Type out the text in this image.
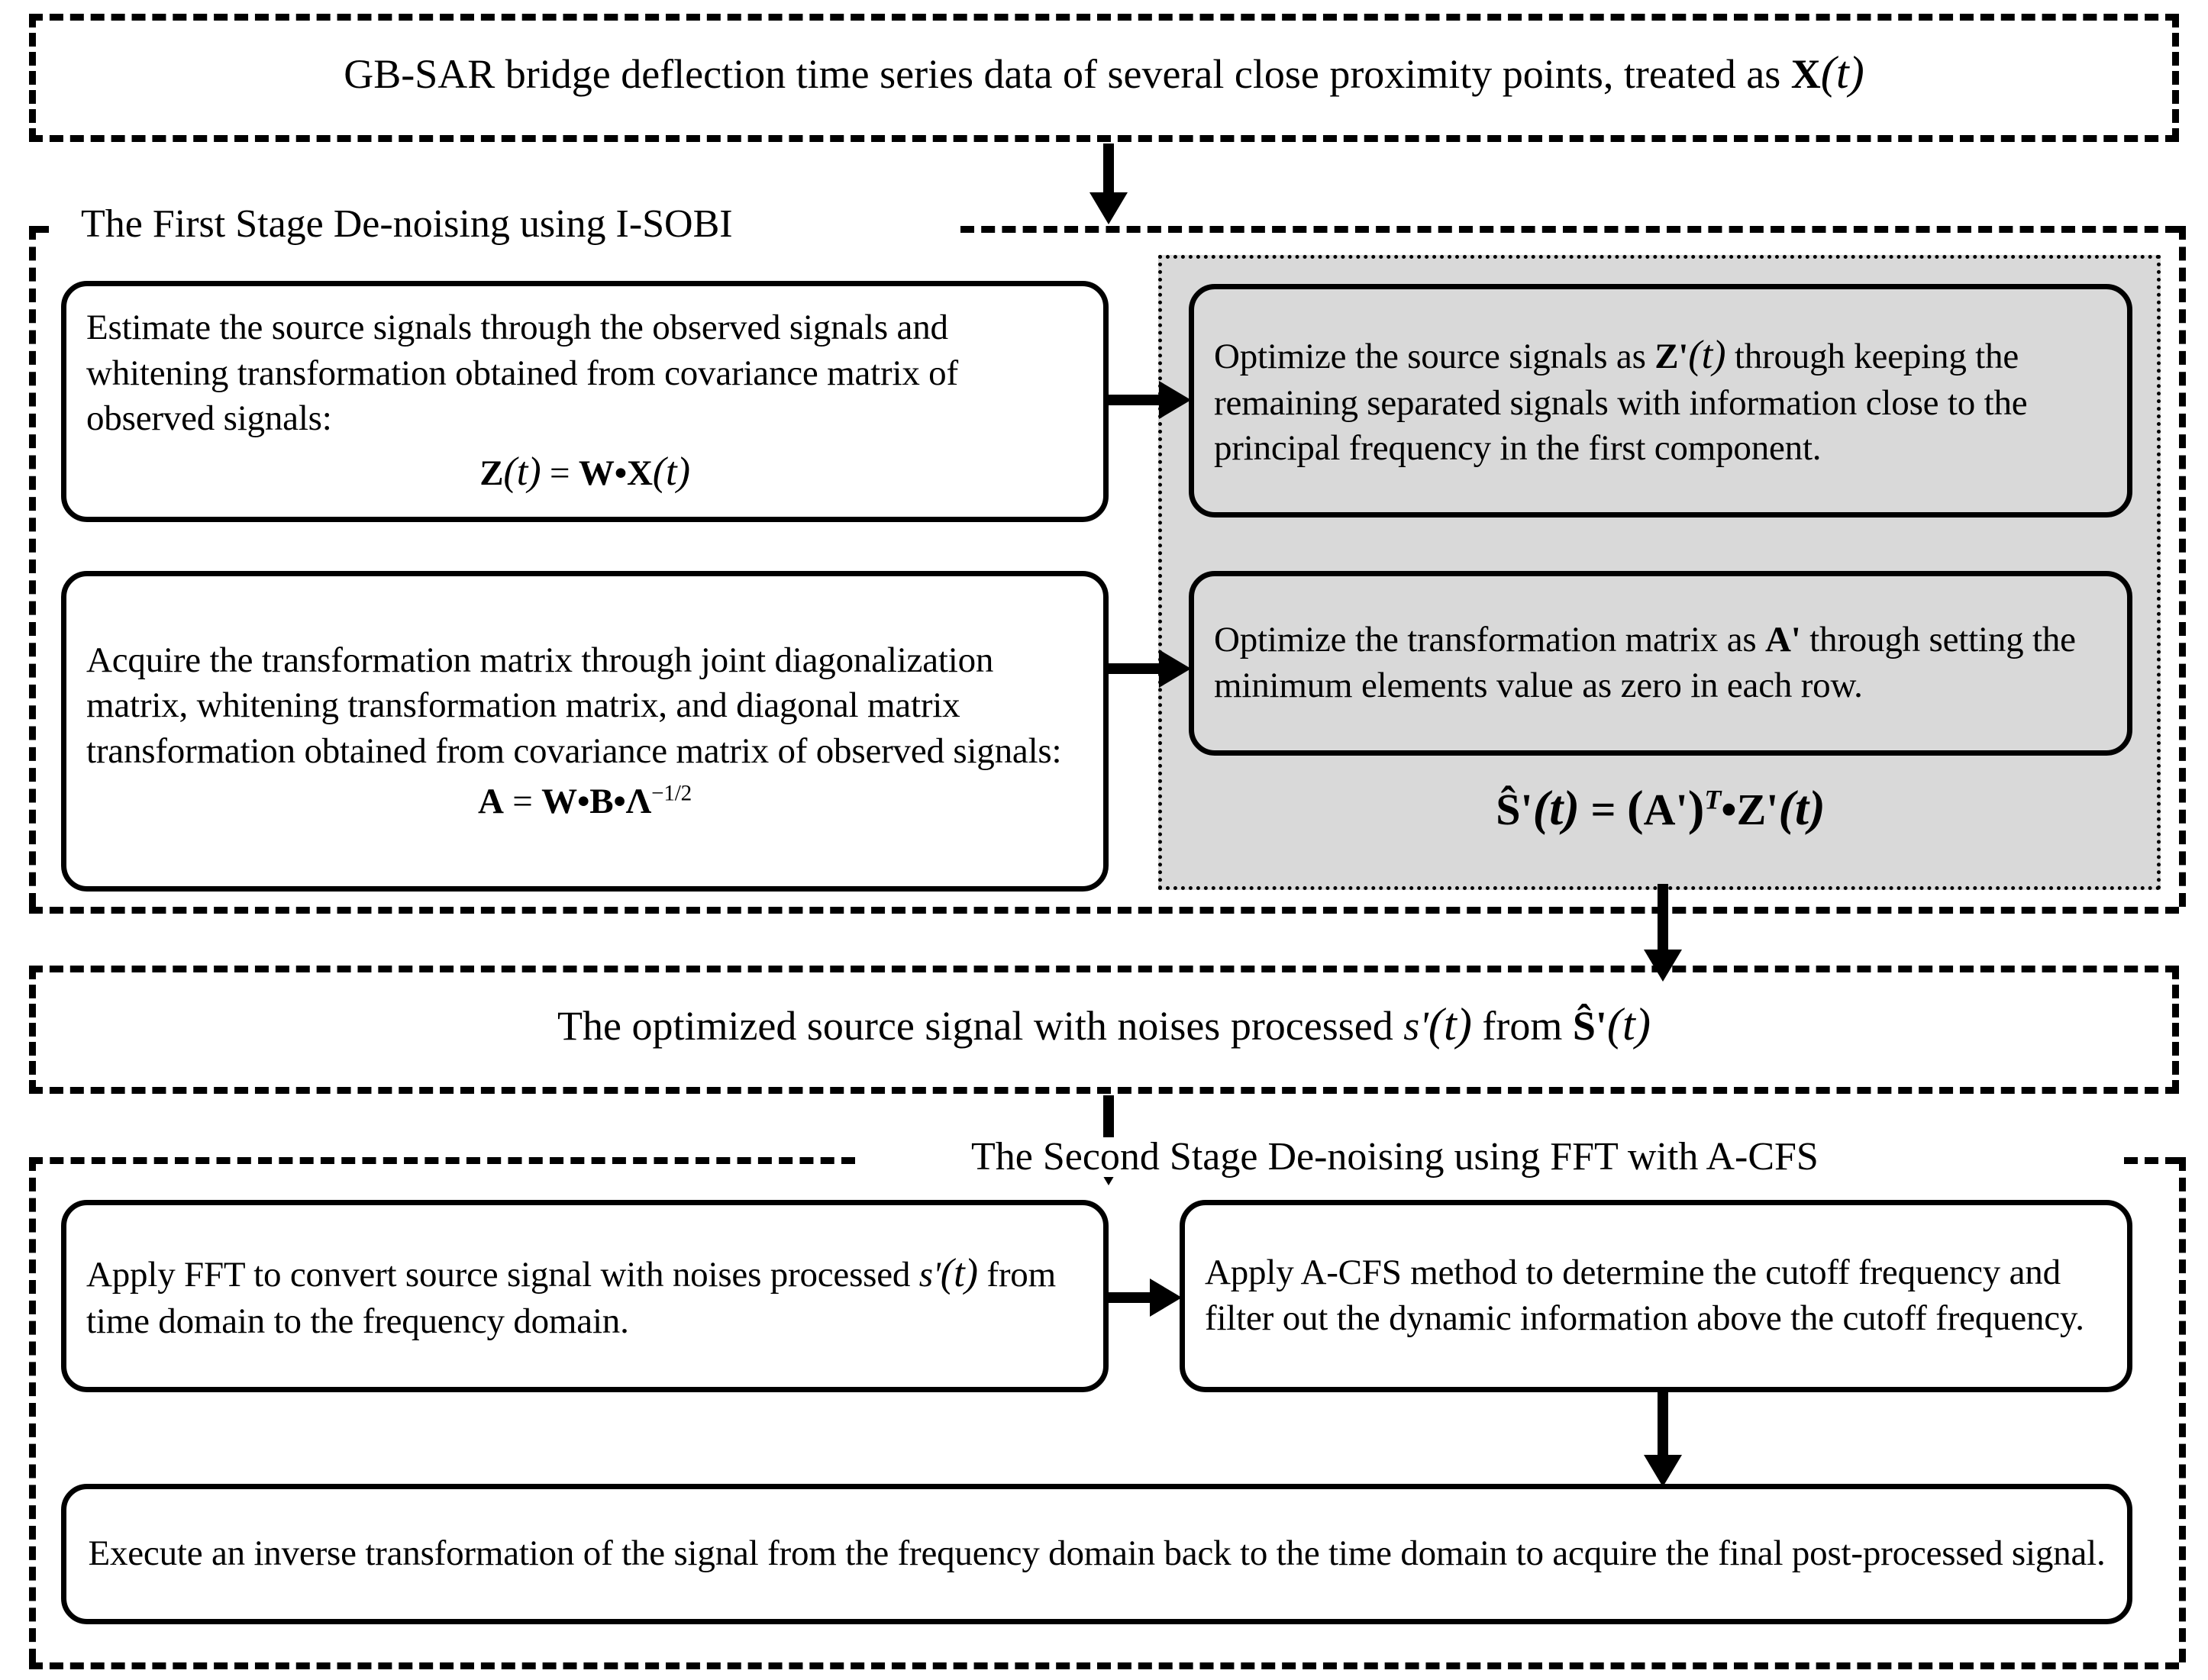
GB-SAR bridge deflection time series data of several close proximity points, treated as X(t)
The First Stage De-noising using I-SOBI

Estimate the source signals through the observed signals and whitening transformation obtained from covariance matrix of observed signals:

Z(t) = W•X(t)

Acquire the transformation matrix through joint diagonalization matrix, whitening transformation matrix, and diagonal matrix transformation obtained from covariance matrix of observed signals:

$A = W•B•\Lambda^{-1/2}$

Optimize the source signals as Z'(t) through keeping the remaining separated signals with information close to the principal frequency in the first component.

Optimize the transformation matrix as A' through setting the minimum elements value as zero in each row.

Ŝ'(t) = $(A')^T•Z'(t)$
The optimized source signal with noises processed s'(t) from Ŝ'(t)
The Second Stage De-noising using FFT with A-CFS

Apply FFT to convert source signal with noises processed s'(t) from time domain to the frequency domain.

Apply A-CFS method to determine the cutoff frequency and filter out the dynamic information above the cutoff frequency.

Execute an inverse transformation of the signal from the frequency domain back to the time domain to acquire the final post-processed signal.
